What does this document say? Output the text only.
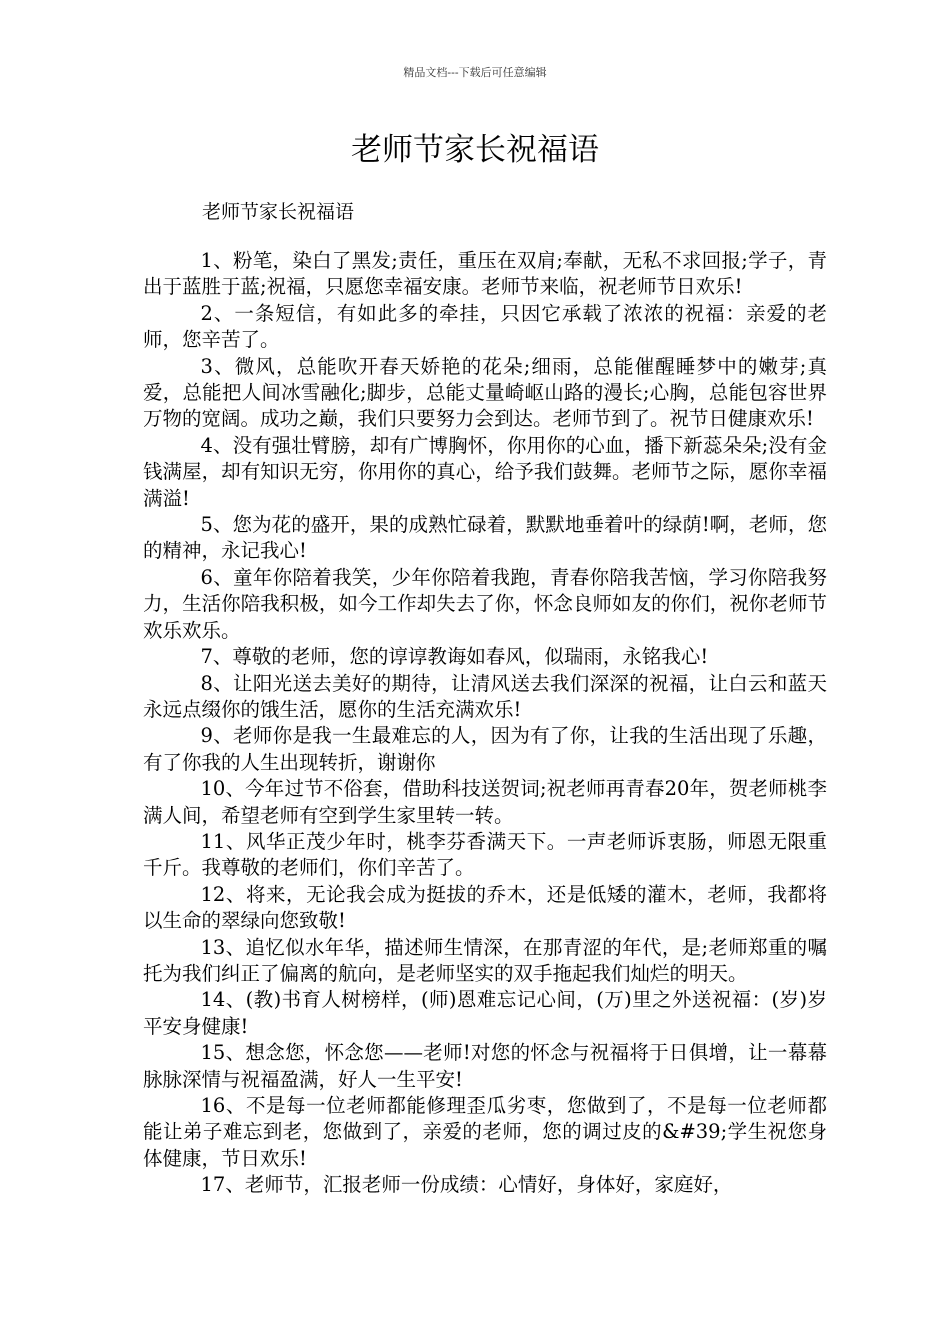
精品文档---下载后可任意编辑
老师节家长祝福语
老师节家长祝福语

1、粉笔，染白了黑发;责任，重压在双肩;奉献，无私不求回报;学子，青出于蓝胜于蓝;祝福，只愿您幸福安康。老师节来临，祝老师节日欢乐!

2、一条短信，有如此多的牵挂，只因它承载了浓浓的祝福：亲爱的老师，您辛苦了。

3、微风，总能吹开春天娇艳的花朵;细雨，总能催醒睡梦中的嫩芽;真爱，总能把人间冰雪融化;脚步，总能丈量崎岖山路的漫长;心胸，总能包容世界万物的宽阔。成功之巅，我们只要努力会到达。老师节到了。祝节日健康欢乐!

4、没有强壮臂膀，却有广博胸怀，你用你的心血，播下新蕊朵朵;没有金钱满屋，却有知识无穷，你用你的真心，给予我们鼓舞。老师节之际，愿你幸福满溢!

5、您为花的盛开，果的成熟忙碌着，默默地垂着叶的绿荫!啊，老师，您的精神，永记我心!

6、童年你陪着我笑，少年你陪着我跑，青春你陪我苦恼，学习你陪我努力，生活你陪我积极，如今工作却失去了你，怀念良师如友的你们，祝你老师节欢乐欢乐。

7、尊敬的老师，您的谆谆教诲如春风，似瑞雨，永铭我心!

8、让阳光送去美好的期待，让清风送去我们深深的祝福，让白云和蓝天永远点缀你的饿生活，愿你的生活充满欢乐!

9、老师你是我一生最难忘的人，因为有了你，让我的生活出现了乐趣，有了你我的人生出现转折，谢谢你

10、今年过节不俗套，借助科技送贺词;祝老师再青春20年，贺老师桃李满人间，希望老师有空到学生家里转一转。

11、风华正茂少年时，桃李芬香满天下。一声老师诉衷肠，师恩无限重千斤。我尊敬的老师们，你们辛苦了。

12、将来，无论我会成为挺拔的乔木，还是低矮的灌木，老师，我都将以生命的翠绿向您致敬!

13、追忆似水年华，描述师生情深，在那青涩的年代，是;老师郑重的嘱托为我们纠正了偏离的航向，是老师坚实的双手拖起我们灿烂的明天。

14、(教)书育人树榜样，(师)恩难忘记心间，(万)里之外送祝福：(岁)岁平安身健康!

15、想念您，怀念您——老师!对您的怀念与祝福将于日俱增，让一幕幕脉脉深情与祝福盈满，好人一生平安!

16、不是每一位老师都能修理歪瓜劣枣，您做到了，不是每一位老师都能让弟子难忘到老，您做到了，亲爱的老师，您的调过皮的&#39;学生祝您身体健康，节日欢乐!

17、老师节，汇报老师一份成绩：心情好，身体好，家庭好，
